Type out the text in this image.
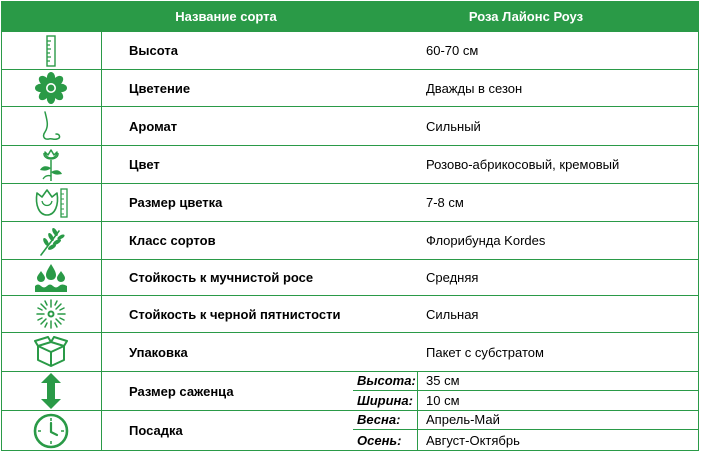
Название сорта	Роза Лайонс Роуз
Высота	60-70 см
Цветение	Дважды в сезон
Аромат	Сильный
Цвет	Розово-абрикосовый, кремовый
Размер цветка	7-8 см
Класс сортов	Флорибунда Kordes
Стойкость к мучнистой росе	Средняя
Стойкость к черной пятнистости	Сильная
Упаковка	Пакет с субстратом
Размер саженца
Высота: 35 см
Ширина:	10 см
Посадка
Весна:	Апрель-Май
Осень:	Август-Октябрь
